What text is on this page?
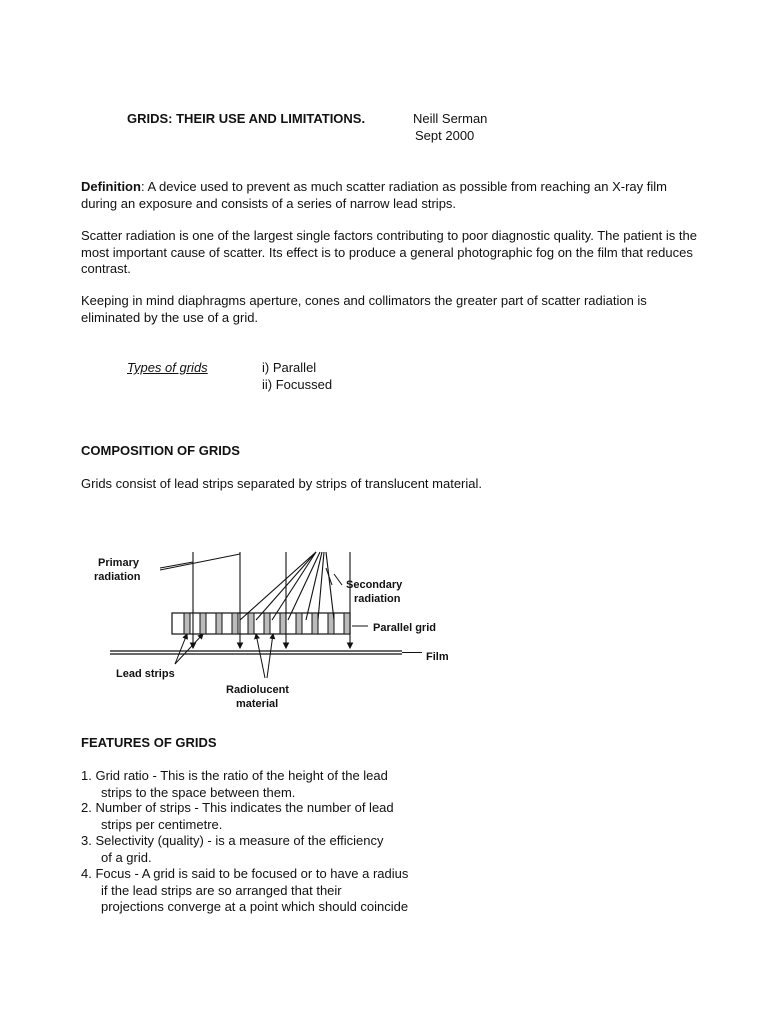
GRIDS: THEIR USE AND LIMITATIONS.	Neill Serman
Sept 2000
Definition: A device used to prevent as much scatter radiation as possible from reaching an X-ray film during an exposure and consists of a series of narrow lead strips.
Scatter radiation is one of the largest single factors contributing to poor diagnostic quality. The patient is the most important cause of scatter. Its effect is to produce a general photographic fog on the film that reduces contrast.
Keeping in mind diaphragms aperture, cones and collimators the greater part of scatter radiation is eliminated by the use of a grid.
Types of grids	i) Parallel
ii) Focussed
COMPOSITION OF GRIDS
Grids consist of lead strips separated by strips of translucent material.
Primary
radiation
Secondary
radiation
Parallel grid
Film
Lead strips
Radiolucent
material
FEATURES OF GRIDS
1. Grid ratio - This is the ratio of the height of the lead
strips to the space between them.
2. Number of strips - This indicates the number of lead
strips per centimetre.
3. Selectivity (quality) - is a measure of the efficiency
of a grid.
4. Focus - A grid is said to be focused or to have a radius
if the lead strips are so arranged that their
projections converge at a point which should coincide
